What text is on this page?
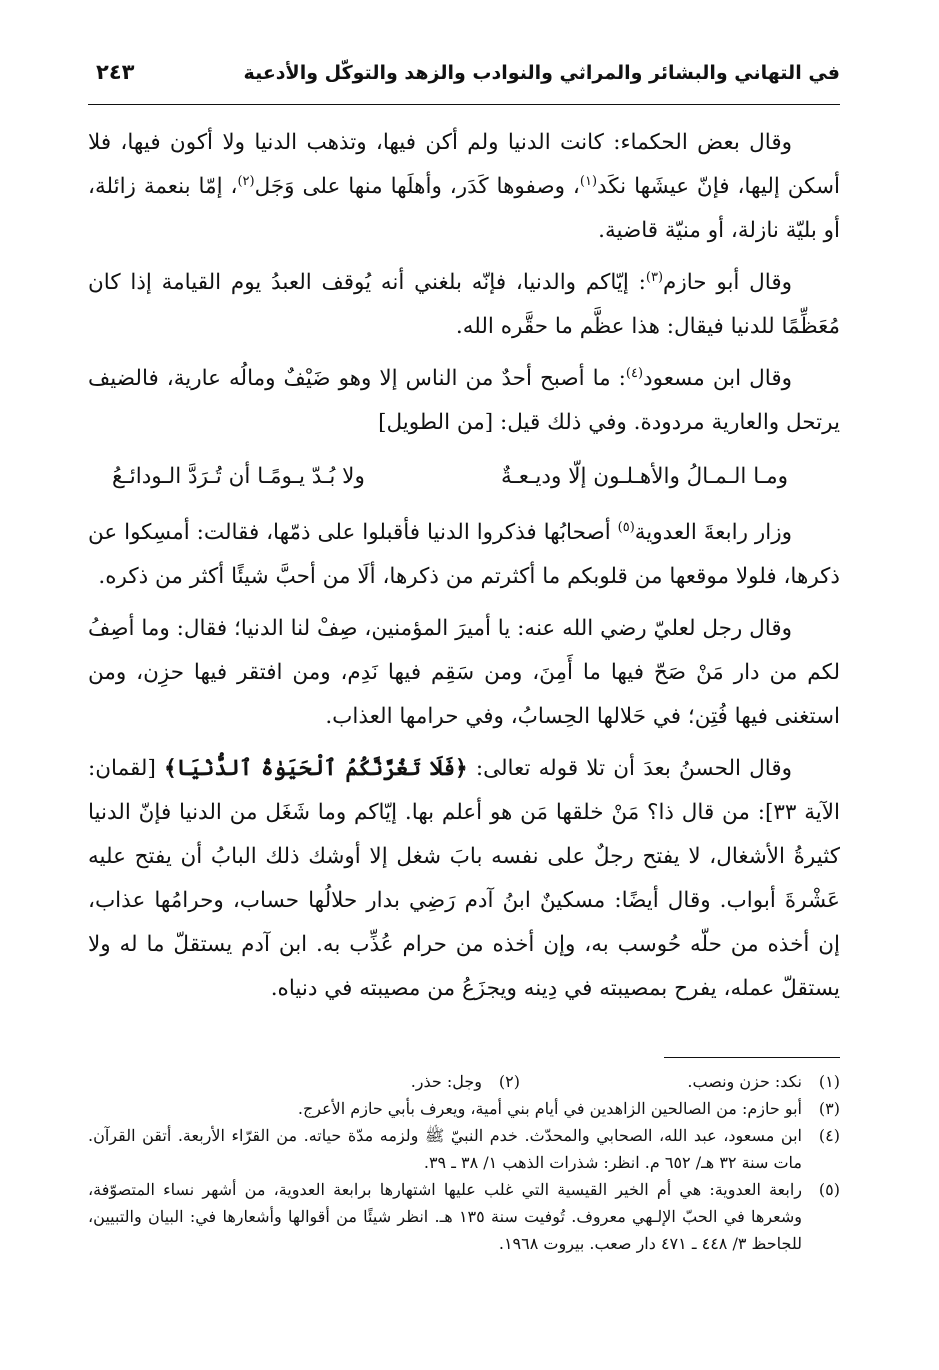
في التهاني والبشائر والمراثي والنوادب والزهد والتوكّل والأدعية
٢٤٣

وقال بعض الحكماء: كانت الدنيا ولم أكن فيها، وتذهب الدنيا ولا أكون فيها، فلا أسكن إليها، فإنّ عيشَها نكَد$^{(١)}$، وصفوها كَدَر، وأهلَها منها على وَجَل$^{(٢)}$، إمّا بنعمة زائلة، أو بليّة نازلة، أو منيّة قاضية.

وقال أبو حازم$^{(٣)}$: إيّاكم والدنيا، فإنّه بلغني أنه يُوقف العبدُ يوم القيامة إذا كان مُعَظِّمًا للدنيا فيقال: هذا عظَّم ما حقَّره الله.

وقال ابن مسعود$^{(٤)}$: ما أصبح أحدٌ من الناس إلا وهو ضَيْفٌ ومالُه عارية، فالضيف يرتحل والعارية مردودة. وفي ذلك قيل: [من الطويل]

ومـا الـمـالُ والأهـلـون إلّا وديـعـةٌ
ولا بُـدّ يـومًـا أن تُـرَدَّ الـودائـعُ

وزار رابعةَ العدوية$^{(٥)}$ أصحابُها فذكروا الدنيا فأقبلوا على ذمّها، فقالت: أمسِكوا عن ذكرها، فلولا موقعها من قلوبكم ما أكثرتم من ذكرها، ألَا من أحبَّ شيئًا أكثر من ذكره.

وقال رجل لعليّ رضي الله عنه: يا أميرَ المؤمنين، صِفْ لنا الدنيا؛ فقال: وما أصِفُ لكم من دار مَنْ صَحّ فيها ما أَمِنَ، ومن سَقِم فيها نَدِم، ومن افتقر فيها حزِن، ومن استغنى فيها فُتِن؛ في حَلالها الحِسابُ، وفي حرامها العذاب.

وقال الحسنُ بعدَ أن تلا قوله تعالى: ﴿فَلَا تَغُرَّنَّكُمُ ٱلْحَيَوٰةُ ٱلدُّنْيَا﴾ [لقمان: الآية ٣٣]: من قال ذا؟ مَنْ خلقها مَن هو أعلم بها. إيّاكم وما شَغَل من الدنيا فإنّ الدنيا كثيرةُ الأشغال، لا يفتح رجلٌ على نفسه بابَ شغل إلا أوشك ذلك البابُ أن يفتح عليه عَشْرةَ أبواب. وقال أيضًا: مسكينٌ ابنُ آدم رَضِي بدار حلالُها حساب، وحرامُها عذاب، إن أخذه من حلّه حُوسب به، وإن أخذه من حرام عُذِّب به. ابن آدم يستقلّ ما له ولا يستقلّ عمله، يفرح بمصيبته في دِينه ويجزَعُ من مصيبته في دنياه.

(١)
نكد: حزن ونصب.
(٢)
وجل: حذر.
(٣)
أبو حازم: من الصالحين الزاهدين في أيام بني أمية، ويعرف بأبي حازم الأعرج.
(٤)
ابن مسعود، عبد الله، الصحابي والمحدّث. خدم النبيّ ﷺ ولزمه مدّة حياته. من القرّاء الأربعة. أتقن القرآن. مات سنة ٣٢ هـ/ ٦٥٢ م. انظر: شذرات الذهب ١/ ٣٨ ـ ٣٩.
(٥)
رابعة العدوية: هي أم الخير القيسية التي غلب عليها اشتهارها برابعة العدوية، من أشهر نساء المتصوّفة، وشعرها في الحبّ الإلـهي معروف. تُوفيت سنة ١٣٥ هـ. انظر شيئًا من أقوالها وأشعارها في: البيان والتبيين، للجاحظ ٣/ ٤٤٨ ـ ٤٧١ دار صعب. بيروت ١٩٦٨.
